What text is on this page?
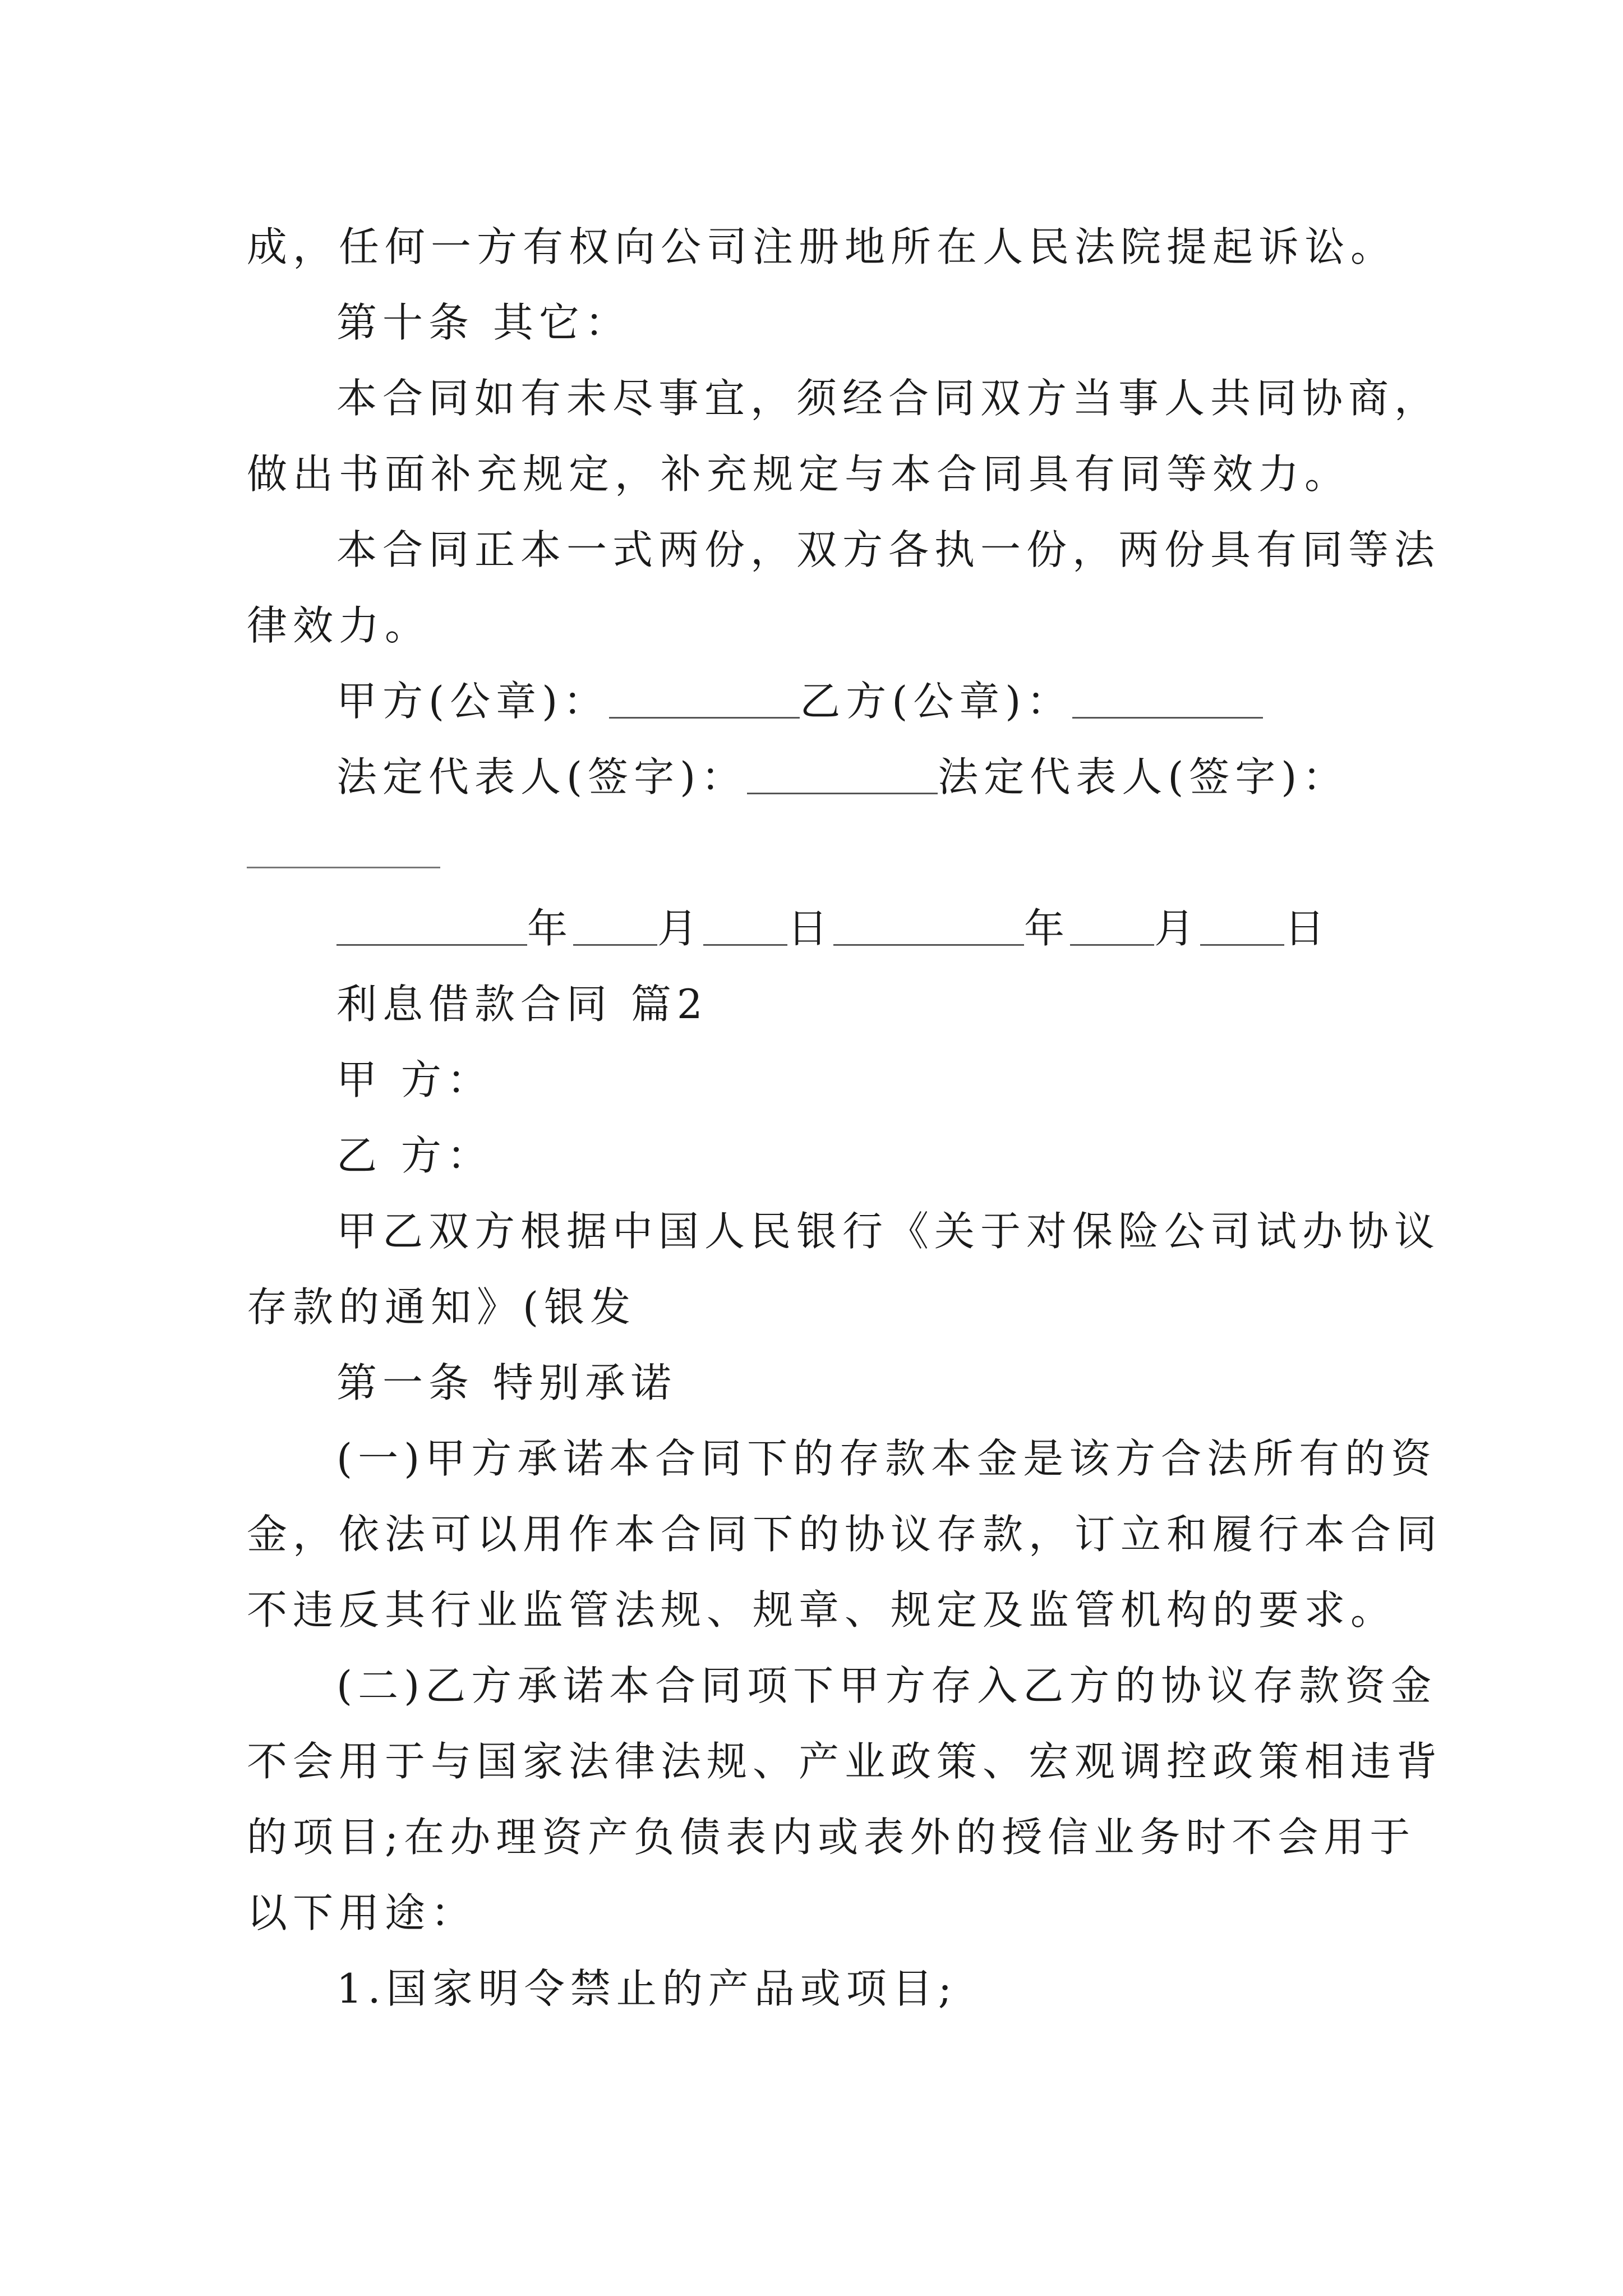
成，任何一方有权向公司注册地所在人民法院提起诉讼。
第十条 其它：
本合同如有未尽事宜，须经合同双方当事人共同协商，
做出书面补充规定，补充规定与本合同具有同等效力。
本合同正本一式两份，双方各执一份，两份具有同等法
律效力。
甲方(公章)：	乙方(公章)：
法定代表人(签字)：	法定代表人(签字)：
年 月 日	年 月 日
利息借款合同 篇2
甲 方：
乙 方：
甲乙双方根据中国人民银行《关于对保险公司试办协议
存款的通知》(银发
第一条 特别承诺
(一)甲方承诺本合同下的存款本金是该方合法所有的资
金，依法可以用作本合同下的协议存款，订立和履行本合同
不违反其行业监管法规、规章、规定及监管机构的要求。
(二)乙方承诺本合同项下甲方存入乙方的协议存款资金
不会用于与国家法律法规、产业政策、宏观调控政策相违背
的项目;在办理资产负债表内或表外的授信业务时不会用于
以下用途：
1.国家明令禁止的产品或项目;
